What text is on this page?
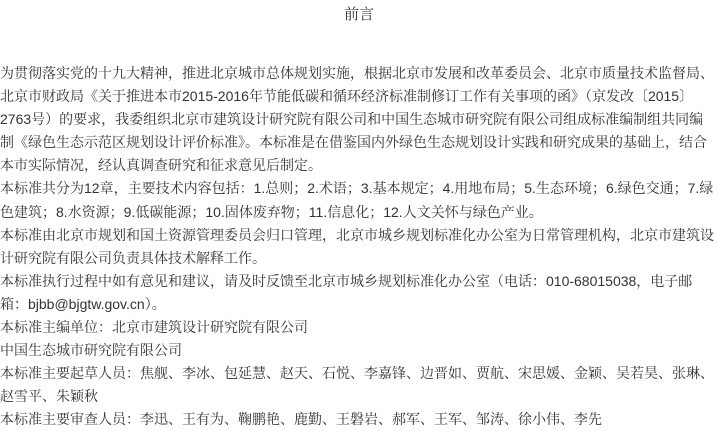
前言
为贯彻落实党的十九大精神，推进北京城市总体规划实施，根据北京市发展和改革委员会、北京市质量技术监督局、
北京市财政局《关于推进本市2015-2016年节能低碳和循环经济标准制修订工作有关事项的函》（京发改〔2015〕
2763号）的要求，我委组织北京市建筑设计研究院有限公司和中国生态城市研究院有限公司组成标准编制组共同编
制《绿色生态示范区规划设计评价标准》。本标准是在借鉴国内外绿色生态规划设计实践和研究成果的基础上，结合
本市实际情况，经认真调查研究和征求意见后制定。
本标准共分为12章，主要技术内容包括：1.总则；2.术语；3.基本规定；4.用地布局；5.生态环境；6.绿色交通；7.绿
色建筑；8.水资源；9.低碳能源；10.固体废弃物；11.信息化；12.人文关怀与绿色产业。
本标准由北京市规划和国土资源管理委员会归口管理，北京市城乡规划标准化办公室为日常管理机构，北京市建筑设
计研究院有限公司负责具体技术解释工作。
本标准执行过程中如有意见和建议，请及时反馈至北京市城乡规划标准化办公室（电话：010-68015038，电子邮
箱：bjbb@bjgtw.gov.cn）。
本标准主编单位：北京市建筑设计研究院有限公司
中国生态城市研究院有限公司
本标准主要起草人员：焦舰、李冰、包延慧、赵天、石悦、李嘉锋、边晋如、贾航、宋思媛、金颖、吴若昊、张琳、
赵雪平、朱颖秋
本标准主要审查人员：李迅、王有为、鞠鹏艳、鹿勤、王磐岩、郝军、王军、邹涛、徐小伟、李先
